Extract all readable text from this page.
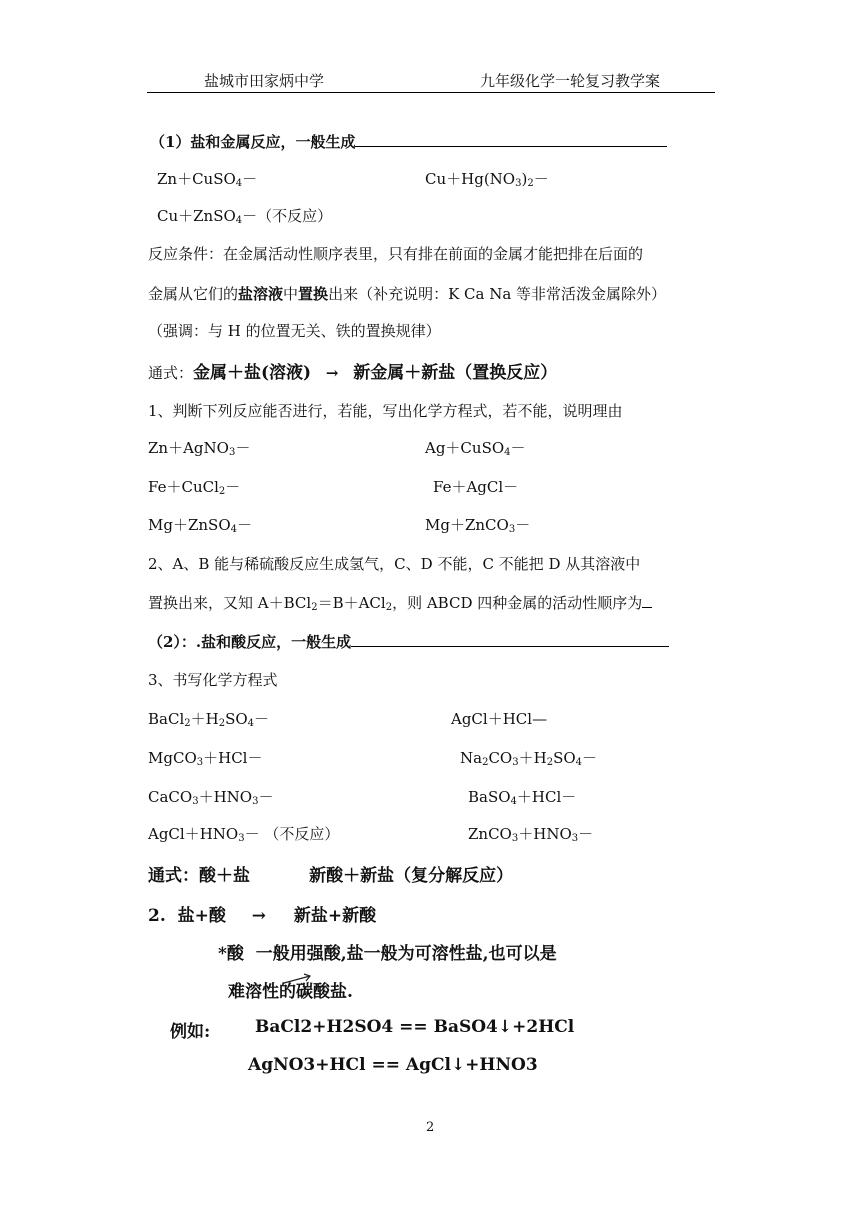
盐城市田家炳中学	九年级化学一轮复习教学案
（1）盐和金属反应，一般生成
Zn＋CuSO$_4$－	$Cu+Hg(NO_3)_2-$
Cu＋ZnSO$_4$－（不反应）
反应条件：在金属活动性顺序表里，只有排在前面的金属才能把排在后面的
金属从它们的盐溶液中置换出来（补充说明：K Ca Na 等非常活泼金属除外）
（强调：与 H 的位置无关、铁的置换规律）
通式：金属＋盐(溶液) → 新金属＋新盐（置换反应）
1、判断下列反应能否进行，若能，写出化学方程式，若不能，说明理由
Zn＋AgNO$_3$－	Ag＋CuSO$_4$－
Fe＋CuCl$_2$－	Fe＋AgCl－
Mg＋ZnSO$_4$－	Mg＋ZnCO$_3$－
2、A、B 能与稀硫酸反应生成氢气，C、D 不能，C 不能把 D 从其溶液中
置换出来，又知 A＋BCl$_2$＝B＋ACl$_2$，则 ABCD 四种金属的活动性顺序为
（2）：.盐和酸反应，一般生成
3、书写化学方程式
$BaCl_2+H_2SO_4-$	AgCl＋HCl—
MgCO$_3$＋HCl－	$Na_2CO_3+H_2SO_4-$
$CaCO_3+HNO_3-$	BaSO$_4$＋HCl－
$AgCl+HNO_3-$ （不反应）	$ZnCO_3+HNO_3-$
通式：酸＋盐          新酸＋新盐（复分解反应）
2.  盐+酸 → 新盐+新酸
*酸  一般用强酸,盐一般为可溶性盐,也可以是
难溶性的碳酸盐.
例如:	BaCl2+H2SO4 == BaSO4↓+2HCl
AgNO3+HCl == AgCl↓+HNO3
2
